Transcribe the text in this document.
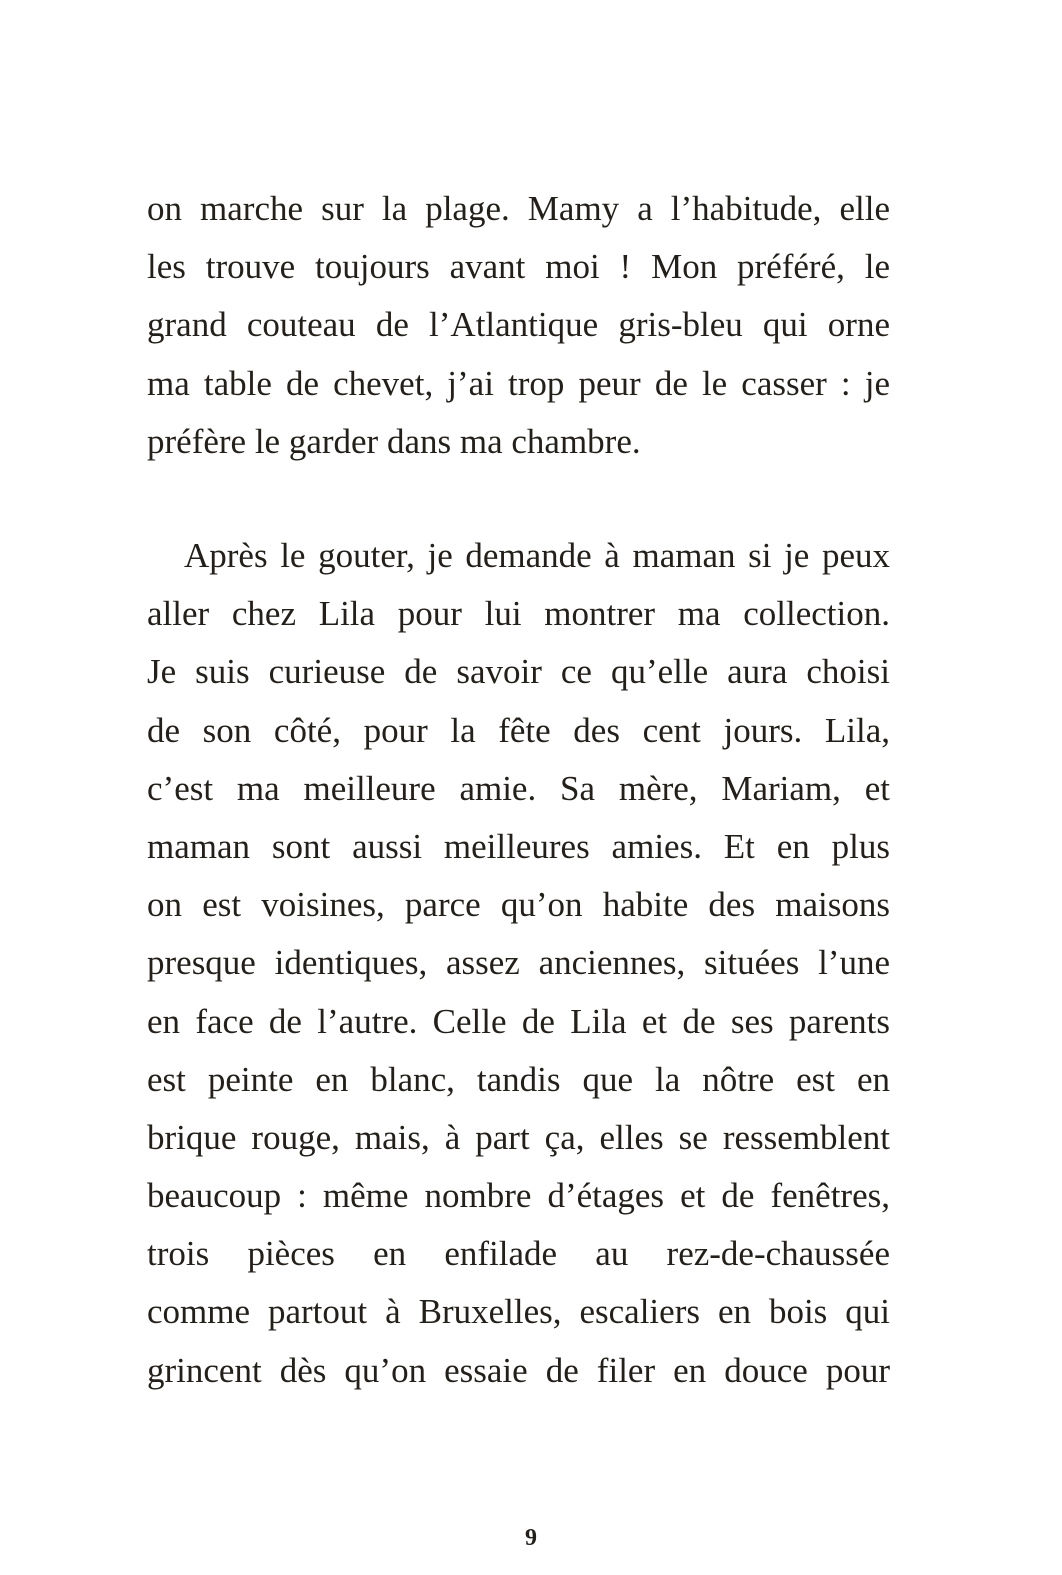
on marche sur la plage. Mamy a l’habitude, elle
les trouve toujours avant moi ! Mon préféré, le
grand couteau de l’Atlantique gris-bleu qui orne
ma table de chevet, j’ai trop peur de le casser : je
préfère le garder dans ma chambre.
Après le gouter, je demande à maman si je peux
aller chez Lila pour lui montrer ma collection.
Je suis curieuse de savoir ce qu’elle aura choisi
de son côté, pour la fête des cent jours. Lila,
c’est ma meilleure amie. Sa mère, Mariam, et
maman sont aussi meilleures amies. Et en plus
on est voisines, parce qu’on habite des maisons
presque identiques, assez anciennes, situées l’une
en face de l’autre. Celle de Lila et de ses parents
est peinte en blanc, tandis que la nôtre est en
brique rouge, mais, à part ça, elles se ressemblent
beaucoup : même nombre d’étages et de fenêtres,
trois pièces en enfilade au rez-de-chaussée
comme partout à Bruxelles, escaliers en bois qui
grincent dès qu’on essaie de filer en douce pour
9
